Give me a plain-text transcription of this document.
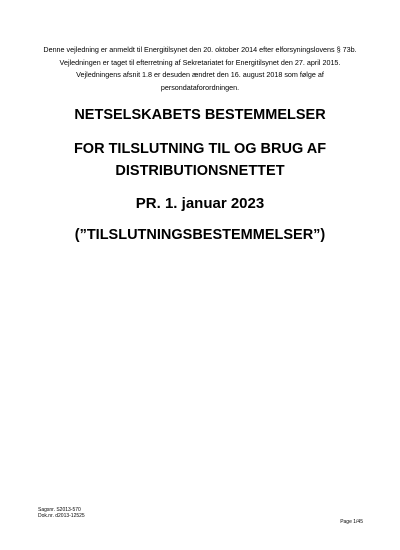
Denne vejledning er anmeldt til Energitilsynet den 20. oktober 2014 efter elforsyningslovens § 73b.
Vejledningen er taget til efterretning af Sekretariatet for Energitilsynet den 27. april 2015.
Vejledningens afsnit 1.8 er desuden ændret den 16. august 2018 som følge af
persondataforordningen.
NETSELSKABETS BESTEMMELSER
FOR TILSLUTNING TIL OG BRUG AF
DISTRIBUTIONSNETTET
PR. 1. januar 2023
(”TILSLUTNINGSBESTEMMELSER”)
Sagsnr. S2013-570
Dok.nr. d2013-12525
Page 1/45
